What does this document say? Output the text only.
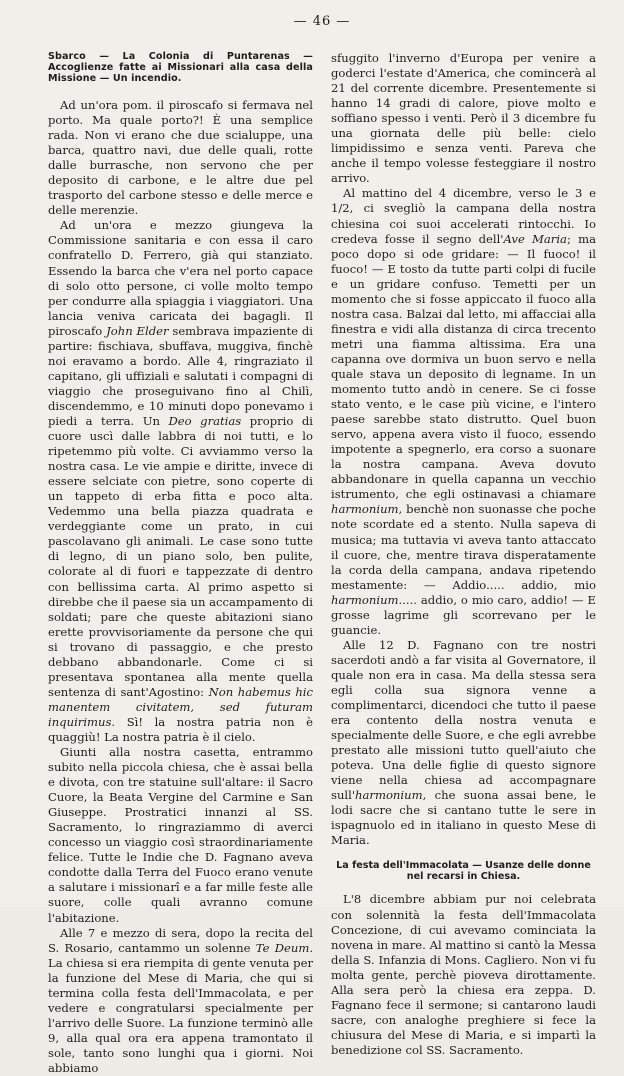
— 46 —
Sbarco — La Colonia di Puntarenas — Accoglienze fatte ai Missionari alla casa della Missione — Un incendio.

Ad un'ora pom. il piroscafo si fermava nel porto. Ma quale porto?! È una semplice rada. Non vi erano che due scialuppe, una barca, quattro navi, due delle quali, rotte dalle burrasche, non servono che per deposito di carbone, e le altre due pel trasporto del carbone stesso e delle merce e delle merenzie.

Ad un'ora e mezzo giungeva la Commissione sanitaria e con essa il caro confratello D. Ferrero, già qui stanziato. Essendo la barca che v'era nel porto capace di solo otto persone, ci volle molto tempo per condurre alla spiaggia i viaggiatori. Una lancia veniva caricata dei bagagli. Il piroscafo John Elder sembrava impaziente di partire: fischiava, sbuffava, muggiva, finchè noi eravamo a bordo. Alle 4, ringraziato il capitano, gli uffiziali e salutati i compagni di viaggio che proseguivano fino al Chilì, discendemmo, e 10 minuti dopo ponevamo i piedi a terra. Un Deo gratias proprio di cuore uscì dalle labbra di noi tutti, e lo ripetemmo più volte. Ci avviammo verso la nostra casa. Le vie ampie e diritte, invece di essere selciate con pietre, sono coperte di un tappeto di erba fitta e poco alta. Vedemmo una bella piazza quadrata e verdeggiante come un prato, in cui pascolavano gli animali. Le case sono tutte di legno, di un piano solo, ben pulite, colorate al di fuori e tappezzate di dentro con bellissima carta. Al primo aspetto si direbbe che il paese sia un accampamento di soldati; pare che queste abitazioni siano erette provvisoriamente da persone che qui si trovano di passaggio, e che presto debbano abbandonarle. Come ci si presentava spontanea alla mente quella sentenza di sant'Agostino: Non habemus hic manentem civitatem, sed futuram inquirimus. Sì! la nostra patria non è quaggiù! La nostra patria è il cielo.

Giunti alla nostra casetta, entrammo subito nella piccola chiesa, che è assai bella e divota, con tre statuine sull'altare: il Sacro Cuore, la Beata Vergine del Carmine e San Giuseppe. Prostratici innanzi al SS. Sacramento, lo ringraziammo di averci concesso un viaggio così straordinariamente felice. Tutte le Indie che D. Fagnano aveva condotte dalla Terra del Fuoco erano venute a salutare i missionarî e a far mille feste alle suore, colle quali avranno comune l'abitazione.

Alle 7 e mezzo di sera, dopo la recita del S. Rosario, cantammo un solenne Te Deum. La chiesa si era riempita di gente venuta per la funzione del Mese di Maria, che qui si termina colla festa dell'Immacolata, e per vedere e congratularsi specialmente per l'arrivo delle Suore. La funzione terminò alle 9, alla qual ora era appena tramontato il sole, tanto sono lunghi qua i giorni. Noi abbiamo

sfuggito l'inverno d'Europa per venire a goderci l'estate d'America, che comincerà al 21 del corrente dicembre. Presentemente si hanno 14 gradi di calore, piove molto e soffiano spesso i venti. Però il 3 dicembre fu una giornata delle più belle: cielo limpidissimo e senza venti. Pareva che anche il tempo volesse festeggiare il nostro arrivo.

Al mattino del 4 dicembre, verso le 3 e 1/2, ci svegliò la campana della nostra chiesina coi suoi accelerati rintocchi. Io credeva fosse il segno dell'Ave Maria; ma poco dopo si ode gridare: — Il fuoco! il fuoco! — E tosto da tutte parti colpi di fucile e un gridare confuso. Temetti per un momento che si fosse appiccato il fuoco alla nostra casa. Balzai dal letto, mi affacciai alla finestra e vidi alla distanza di circa trecento metri una fiamma altissima. Era una capanna ove dormiva un buon servo e nella quale stava un deposito di legname. In un momento tutto andò in cenere. Se ci fosse stato vento, e le case più vicine, e l'intero paese sarebbe stato distrutto. Quel buon servo, appena avera visto il fuoco, essendo impotente a spegnerlo, era corso a suonare la nostra campana. Aveva dovuto abbandonare in quella capanna un vecchio istrumento, che egli ostinavasi a chiamare harmonium, benchè non suonasse che poche note scordate ed a stento. Nulla sapeva di musica; ma tuttavia vi aveva tanto attaccato il cuore, che, mentre tirava disperatamente la corda della campana, andava ripetendo mestamente: — Addio..... addio, mio harmonium..... addio, o mio caro, addio! — E grosse lagrime gli scorrevano per le guancie.

Alle 12 D. Fagnano con tre nostri sacerdoti andò a far visita al Governatore, il quale non era in casa. Ma della stessa sera egli colla sua signora venne a complimentarci, dicendoci che tutto il paese era contento della nostra venuta e specialmente delle Suore, e che egli avrebbe prestato alle missioni tutto quell'aiuto che poteva. Una delle figlie di questo signore viene nella chiesa ad accompagnare sull'harmonium, che suona assai bene, le lodi sacre che si cantano tutte le sere in ispagnuolo ed in italiano in questo Mese di Maria.

La festa dell'Immacolata — Usanze delle donne nel recarsi in Chiesa.

L'8 dicembre abbiam pur noi celebrata con solennità la festa dell'Immacolata Concezione, di cui avevamo cominciata la novena in mare. Al mattino si cantò la Messa della S. Infanzia di Mons. Cagliero. Non vi fu molta gente, perchè pioveva dirottamente. Alla sera però la chiesa era zeppa. D. Fagnano fece il sermone; si cantarono laudi sacre, con analoghe preghiere si fece la chiusura del Mese di Maria, e si impartì la benedizione col SS. Sacramento.
